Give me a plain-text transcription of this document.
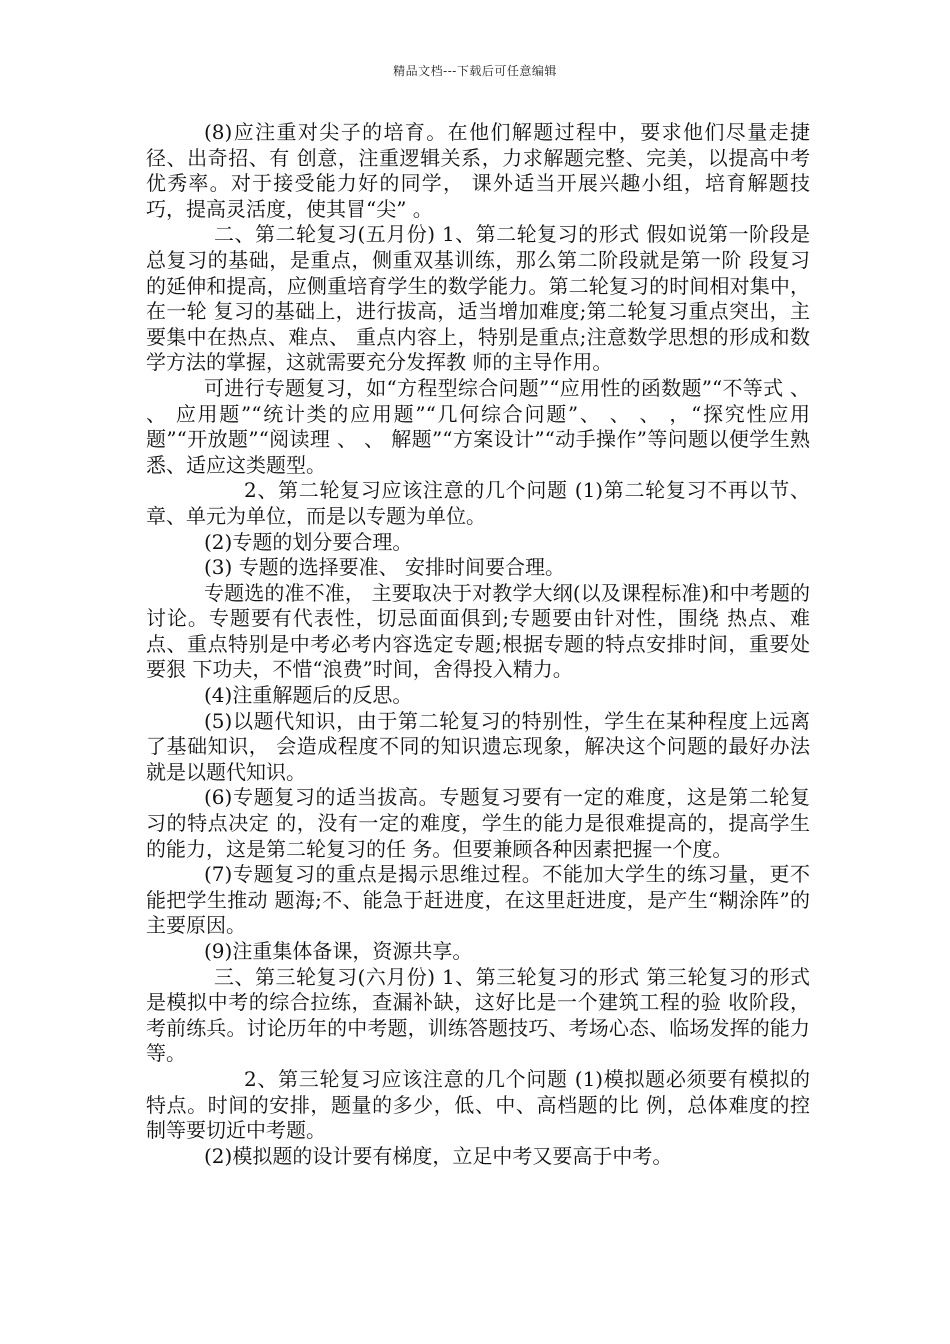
精品文档---下载后可任意编辑

(8)应注重对尖子的培育。在他们解题过程中，要求他们尽量走捷径、出奇招、有 创意，注重逻辑关系，力求解题完整、完美，以提高中考优秀率。对于接受能力好的同学， 课外适当开展兴趣小组，培育解题技巧，提高灵活度，使其冒“尖” 。

二、第二轮复习(五月份) 1、第二轮复习的形式 假如说第一阶段是总复习的基础，是重点，侧重双基训练，那么第二阶段就是第一阶 段复习的延伸和提高，应侧重培育学生的数学能力。第二轮复习的时间相对集中，在一轮 复习的基础上，进行拔高，适当增加难度;第二轮复习重点突出，主要集中在热点、难点、 重点内容上，特别是重点;注意数学思想的形成和数学方法的掌握，这就需要充分发挥教 师的主导作用。

可进行专题复习，如“方程型综合问题”“应用性的函数题”“不等式 、 、 应用题”“统计类的应用题”“几何综合问题”、 、 、 ，“探究性应用题”“开放题”“阅读理 、 、 解题”“方案设计”“动手操作”等问题以便学生熟悉、适应这类题型。

2、第二轮复习应该注意的几个问题 (1)第二轮复习不再以节、章、单元为单位，而是以专题为单位。

(2)专题的划分要合理。

(3) 专题的选择要准、 安排时间要合理。

专题选的准不准， 主要取决于对教学大纲(以及课程标准)和中考题的讨论。专题要有代表性，切忌面面俱到;专题要由针对性，围绕 热点、难点、重点特别是中考必考内容选定专题;根据专题的特点安排时间，重要处要狠 下功夫，不惜“浪费”时间，舍得投入精力。

(4)注重解题后的反思。

(5)以题代知识，由于第二轮复习的特别性，学生在某种程度上远离了基础知识， 会造成程度不同的知识遗忘现象，解决这个问题的最好办法就是以题代知识。

(6)专题复习的适当拔高。专题复习要有一定的难度，这是第二轮复习的特点决定 的，没有一定的难度，学生的能力是很难提高的，提高学生的能力，这是第二轮复习的任 务。但要兼顾各种因素把握一个度。

(7)专题复习的重点是揭示思维过程。不能加大学生的练习量，更不能把学生推动 题海;不、能急于赶进度，在这里赶进度，是产生“糊涂阵”的主要原因。

(9)注重集体备课，资源共享。

三、第三轮复习(六月份) 1、第三轮复习的形式 第三轮复习的形式是模拟中考的综合拉练，查漏补缺，这好比是一个建筑工程的验 收阶段，考前练兵。讨论历年的中考题，训练答题技巧、考场心态、临场发挥的能力等。

2、第三轮复习应该注意的几个问题 (1)模拟题必须要有模拟的特点。时间的安排，题量的多少，低、中、高档题的比 例，总体难度的控制等要切近中考题。

(2)模拟题的设计要有梯度，立足中考又要高于中考。
